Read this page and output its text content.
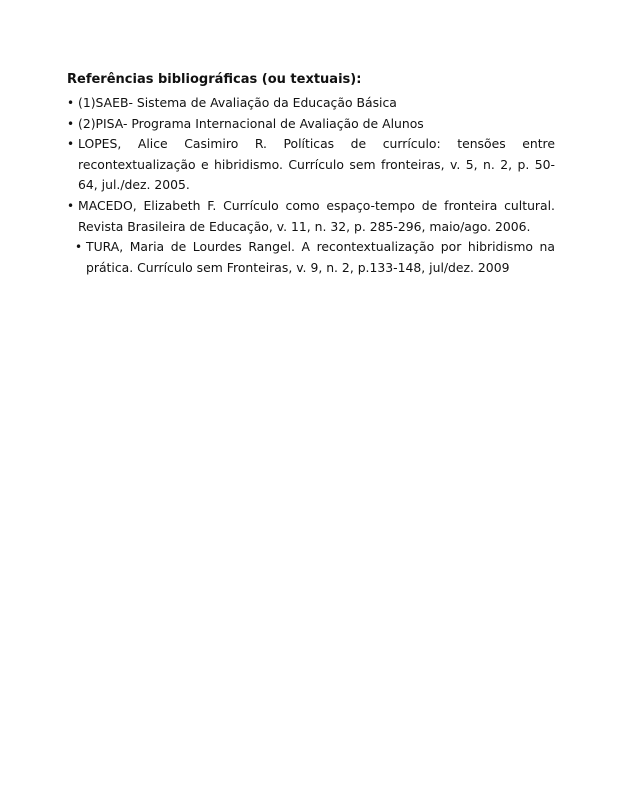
Referências bibliográficas (ou textuais):
• (1)SAEB- Sistema de Avaliação da Educação Básica
• (2)PISA- Programa Internacional de Avaliação de Alunos
• LOPES, Alice Casimiro R. Políticas de currículo: tensões entre recontextualização e hibridismo. Currículo sem fronteiras, v. 5, n. 2, p. 50-64, jul./dez. 2005.
• MACEDO, Elizabeth F. Currículo como espaço-tempo de fronteira cultural. Revista Brasileira de Educação, v. 11, n. 32, p. 285-296, maio/ago. 2006.
• TURA, Maria de Lourdes Rangel. A recontextualização por hibridismo na prática. Currículo sem Fronteiras, v. 9, n. 2, p.133-148, jul/dez. 2009
